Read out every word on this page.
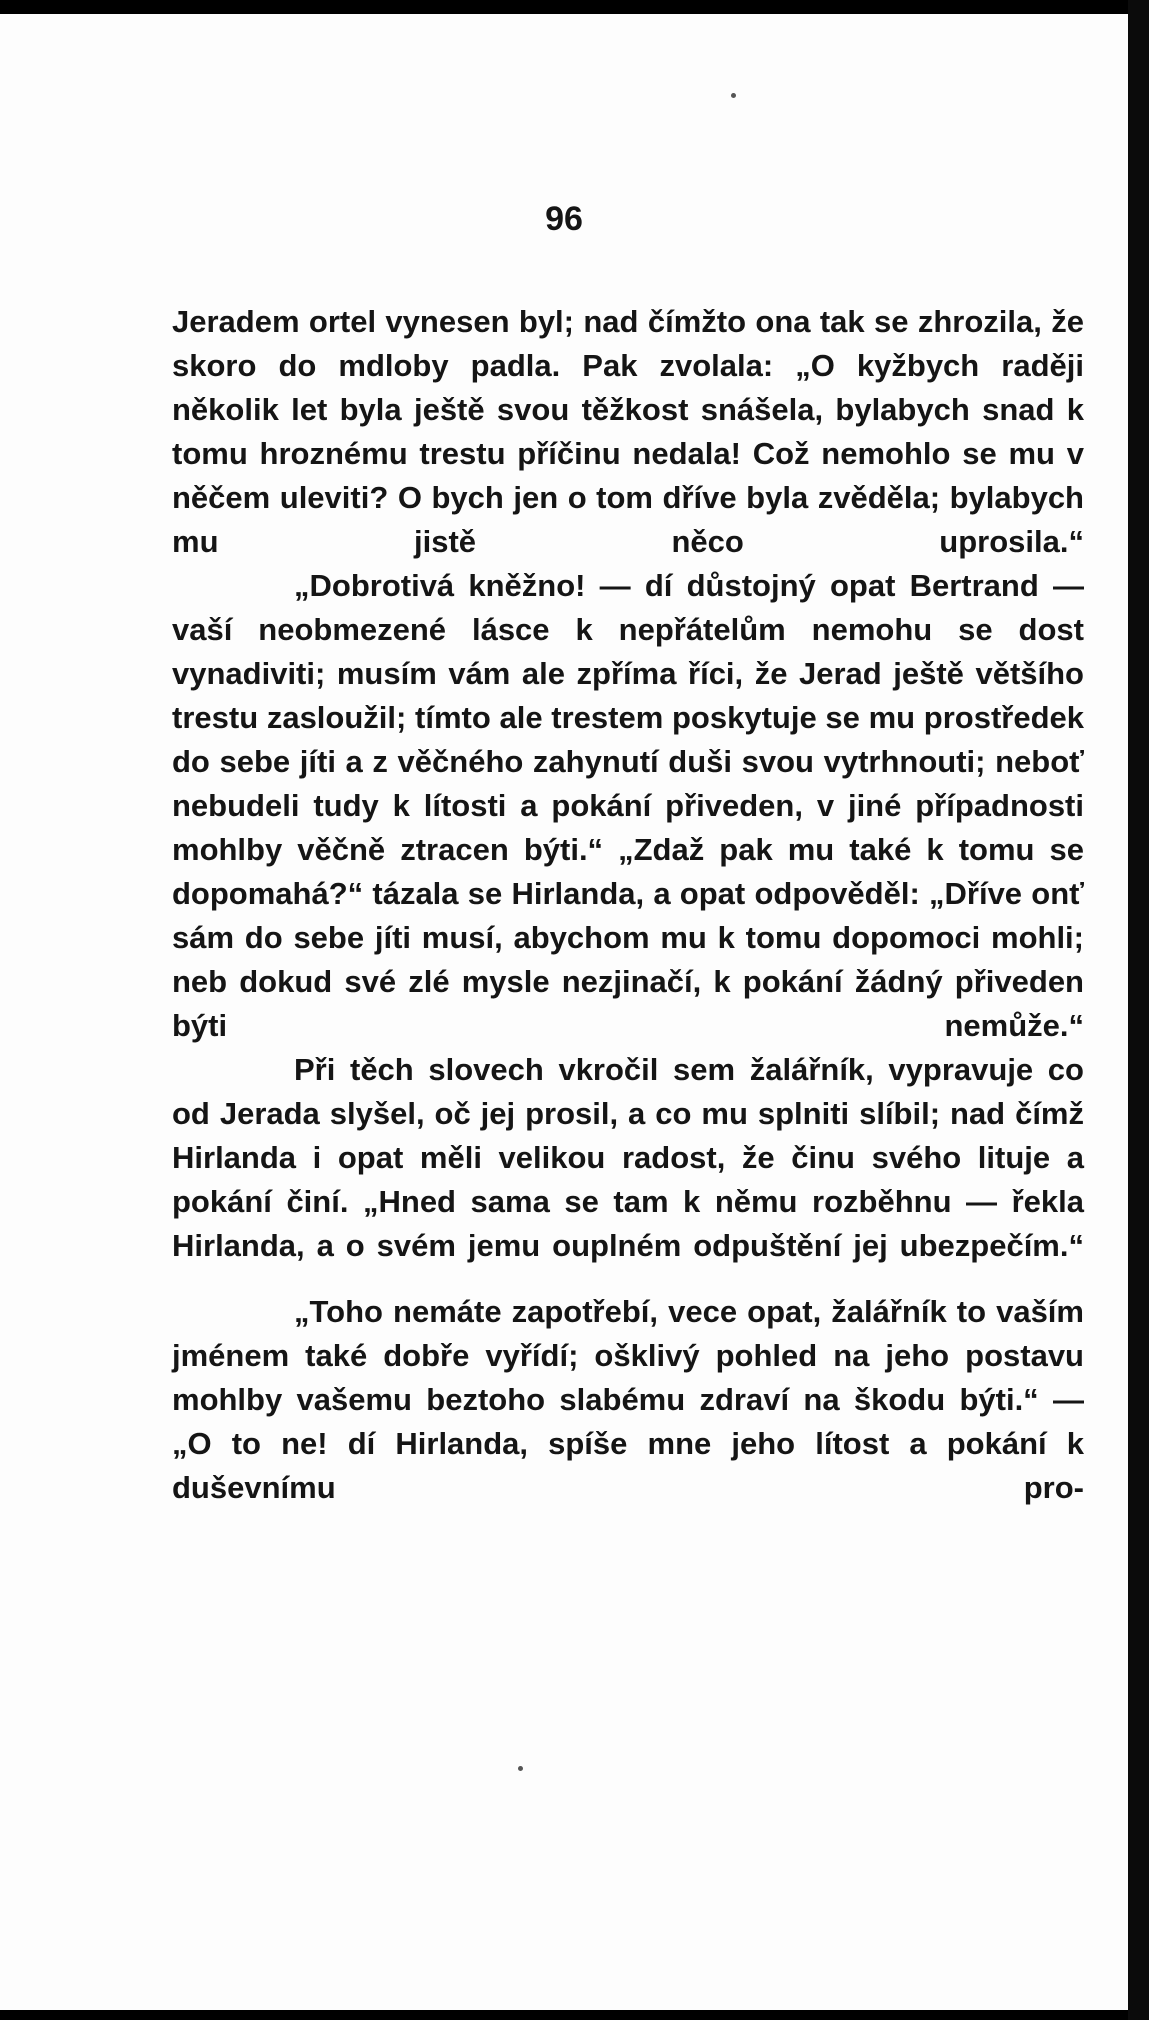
96

Jeradem ortel vynesen byl; nad čímžto ona tak se zhrozila, že skoro do mdloby padla. Pak zvolala: „O kyžbych raději několik let byla ještě svou těžkost snášela, bylabych snad k tomu hroznému trestu příčinu nedala! Což nemohlo se mu v něčem uleviti? O bych jen o tom dříve byla zvěděla; bylabych mu jistě něco uprosila.“

„Dobrotivá kněžno! — dí důstojný opat Bertrand — vaší neobmezené lásce k nepřátelům nemohu se dost vynadiviti; musím vám ale zpříma říci, že Jerad ještě většího trestu zasloužil; tímto ale trestem poskytuje se mu prostředek do sebe jíti a z věčného zahynutí duši svou vytrhnouti; neboť nebudeli tudy k lítosti a pokání přiveden, v jiné případnosti mohlby věčně ztracen býti.“ „Zdaž pak mu také k tomu se dopomahá?“ tázala se Hirlanda, a opat odpověděl: „Dříve onť sám do sebe jíti musí, abychom mu k tomu dopomoci mohli; neb dokud své zlé mysle nezjinačí, k pokání žádný přiveden býti nemůže.“

Při těch slovech vkročil sem žalářník, vypravuje co od Jerada slyšel, oč jej prosil, a co mu splniti slíbil; nad čímž Hirlanda i opat měli velikou radost, že činu svého lituje a pokání činí. „Hned sama se tam k němu rozběhnu — řekla Hirlanda, a o svém jemu ouplném odpuštění jej ubezpečím.“

„Toho nemáte zapotřebí, vece opat, žalářník to vaším jménem také dobře vyřídí; ošklivý pohled na jeho postavu mohlby vašemu beztoho slabému zdraví na škodu býti.“ — „O to ne! dí Hirlanda, spíše mne jeho lítost a pokání k duševnímu pro-
